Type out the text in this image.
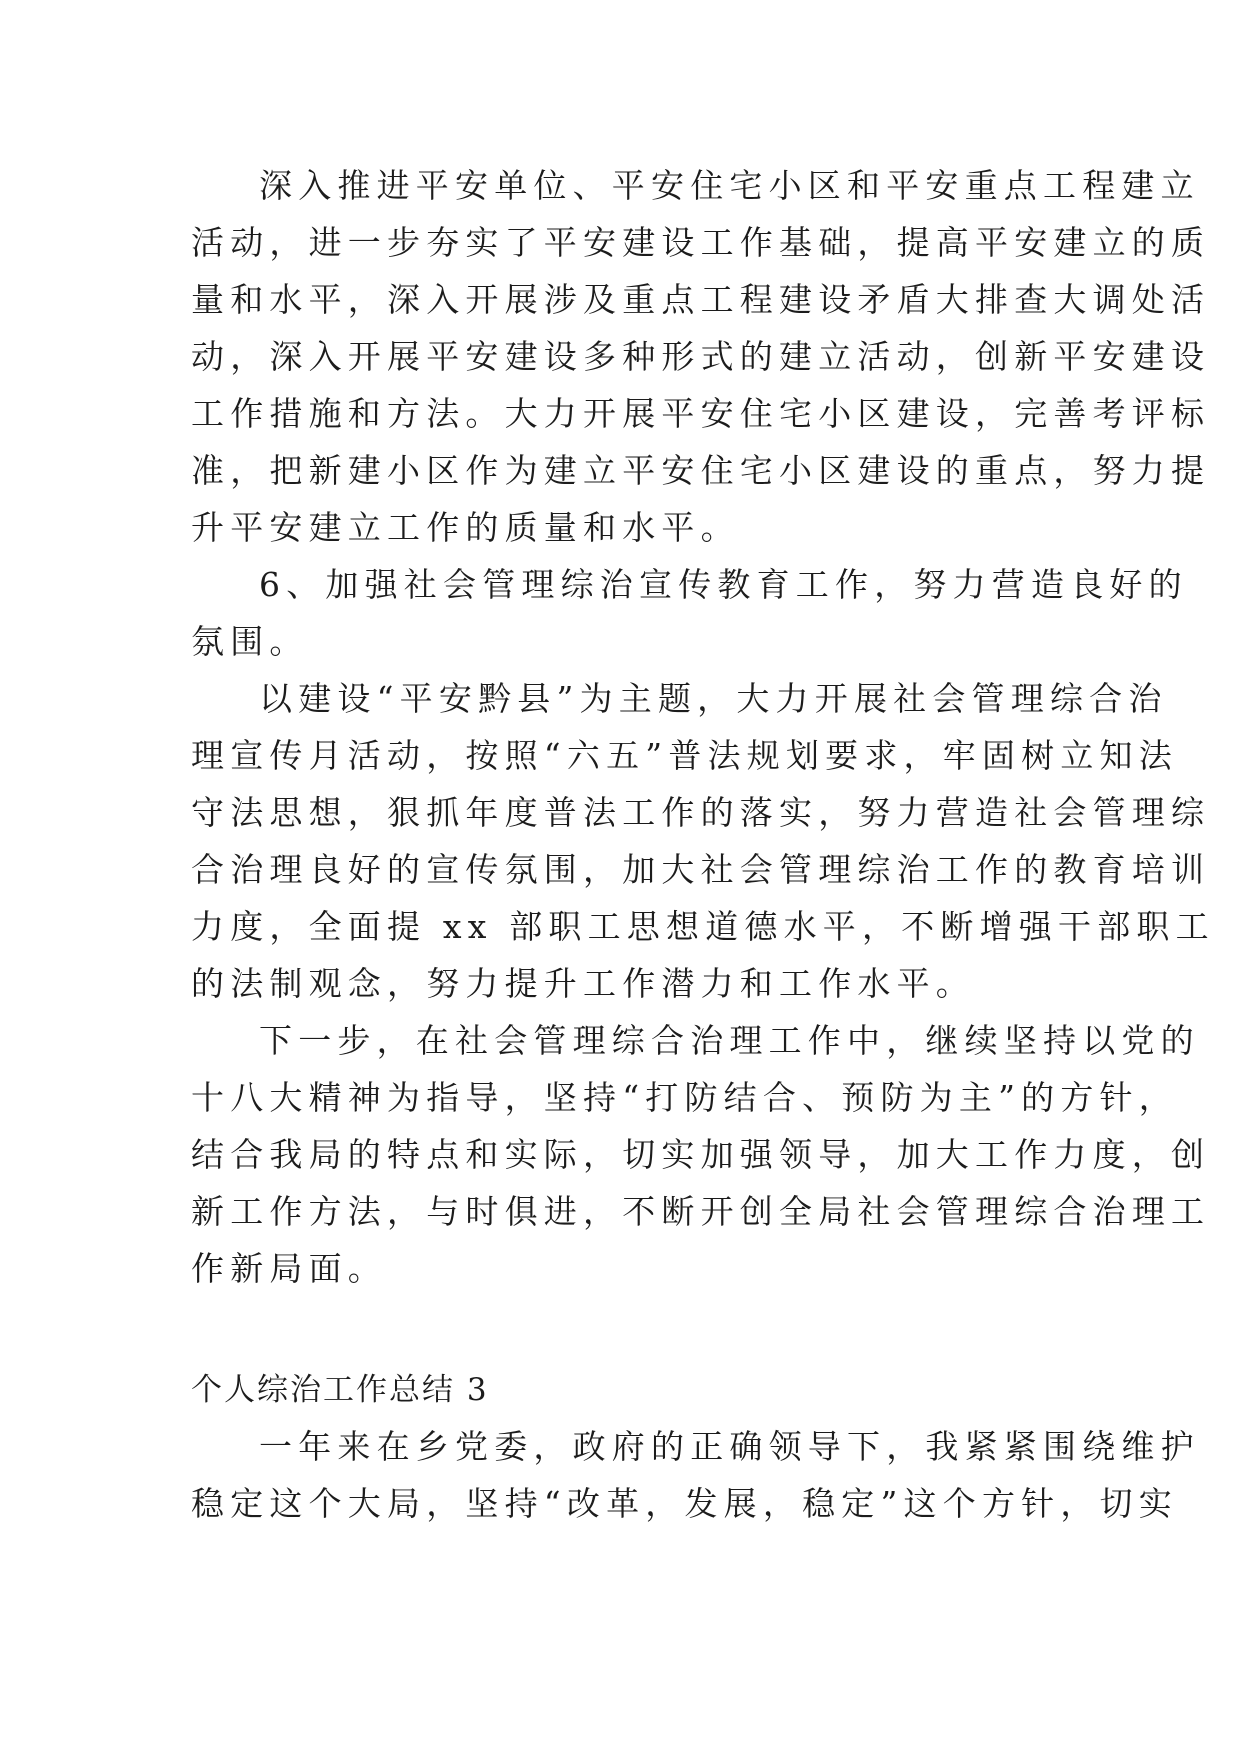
深入推进平安单位、平安住宅小区和平安重点工程建立
活动，进一步夯实了平安建设工作基础，提高平安建立的质
量和水平，深入开展涉及重点工程建设矛盾大排查大调处活
动，深入开展平安建设多种形式的建立活动，创新平安建设
工作措施和方法。大力开展平安住宅小区建设，完善考评标
准，把新建小区作为建立平安住宅小区建设的重点，努力提
升平安建立工作的质量和水平。
6、加强社会管理综治宣传教育工作，努力营造良好的
氛围。
以建设“平安黔县”为主题，大力开展社会管理综合治
理宣传月活动，按照“六五”普法规划要求，牢固树立知法
守法思想，狠抓年度普法工作的落实，努力营造社会管理综
合治理良好的宣传氛围，加大社会管理综治工作的教育培训
力度，全面提 xx 部职工思想道德水平，不断增强干部职工
的法制观念，努力提升工作潜力和工作水平。
下一步，在社会管理综合治理工作中，继续坚持以党的
十八大精神为指导，坚持“打防结合、预防为主”的方针，
结合我局的特点和实际，切实加强领导，加大工作力度，创
新工作方法，与时俱进，不断开创全局社会管理综合治理工
作新局面。
个人综治工作总结 3
一年来在乡党委，政府的正确领导下，我紧紧围绕维护
稳定这个大局，坚持“改革，发展，稳定”这个方针，切实
